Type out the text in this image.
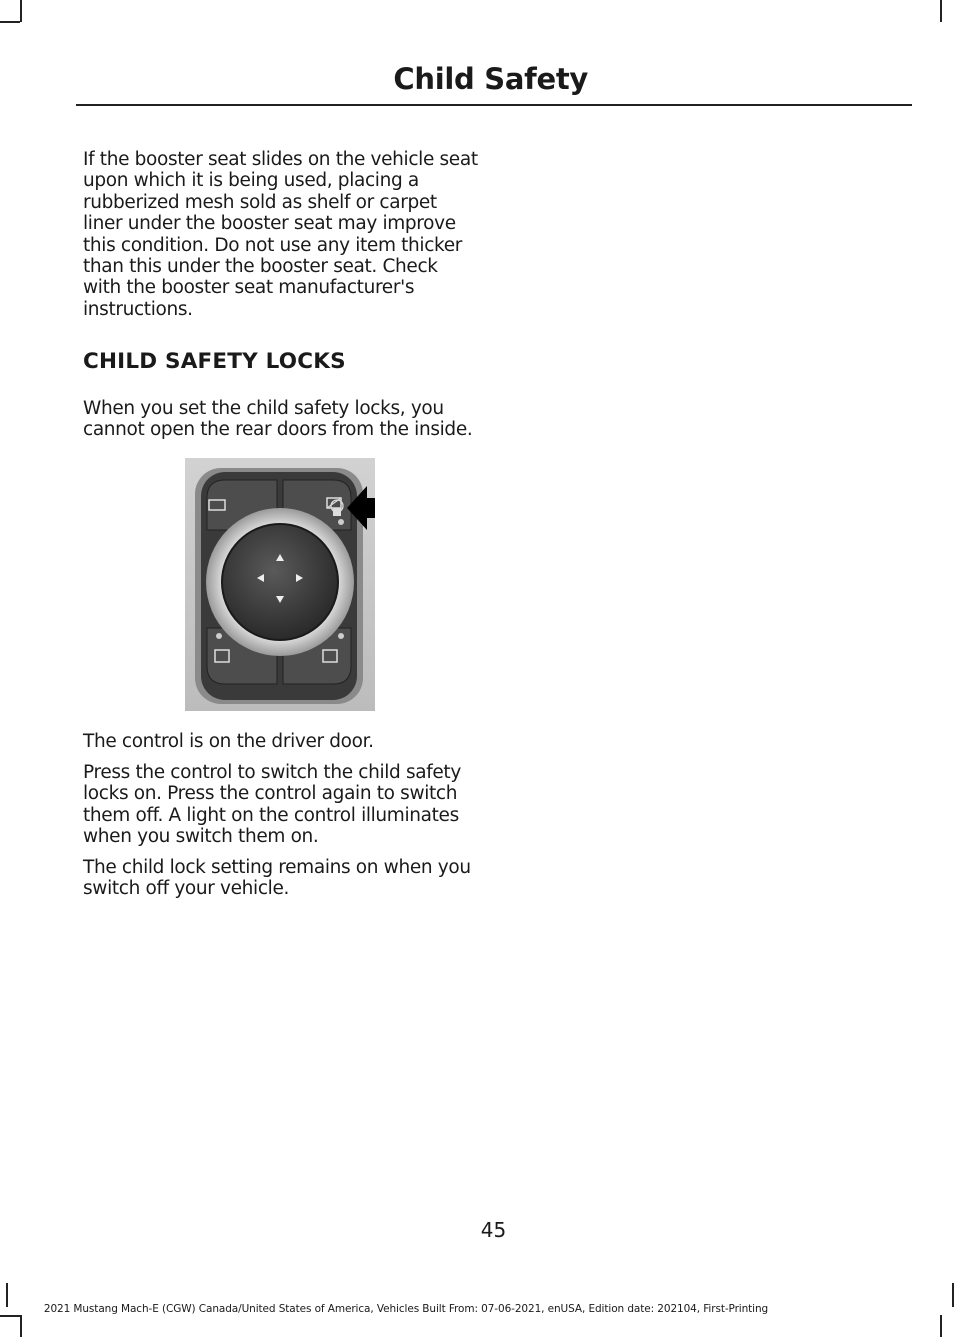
Child Safety

If the booster seat slides on the vehicle seat upon which it is being used, placing a rubberized mesh sold as shelf or carpet liner under the booster seat may improve this condition. Do not use any item thicker than this under the booster seat. Check with the booster seat manufacturer's instructions.

CHILD SAFETY LOCKS

When you set the child safety locks, you cannot open the rear doors from the inside.

The control is on the driver door.

Press the control to switch the child safety locks on. Press the control again to switch them off. A light on the control illuminates when you switch them on.

The child lock setting remains on when you switch off your vehicle.

45
2021 Mustang Mach-E (CGW) Canada/United States of America, Vehicles Built From: 07-06-2021, enUSA, Edition date: 202104, First-Printing
